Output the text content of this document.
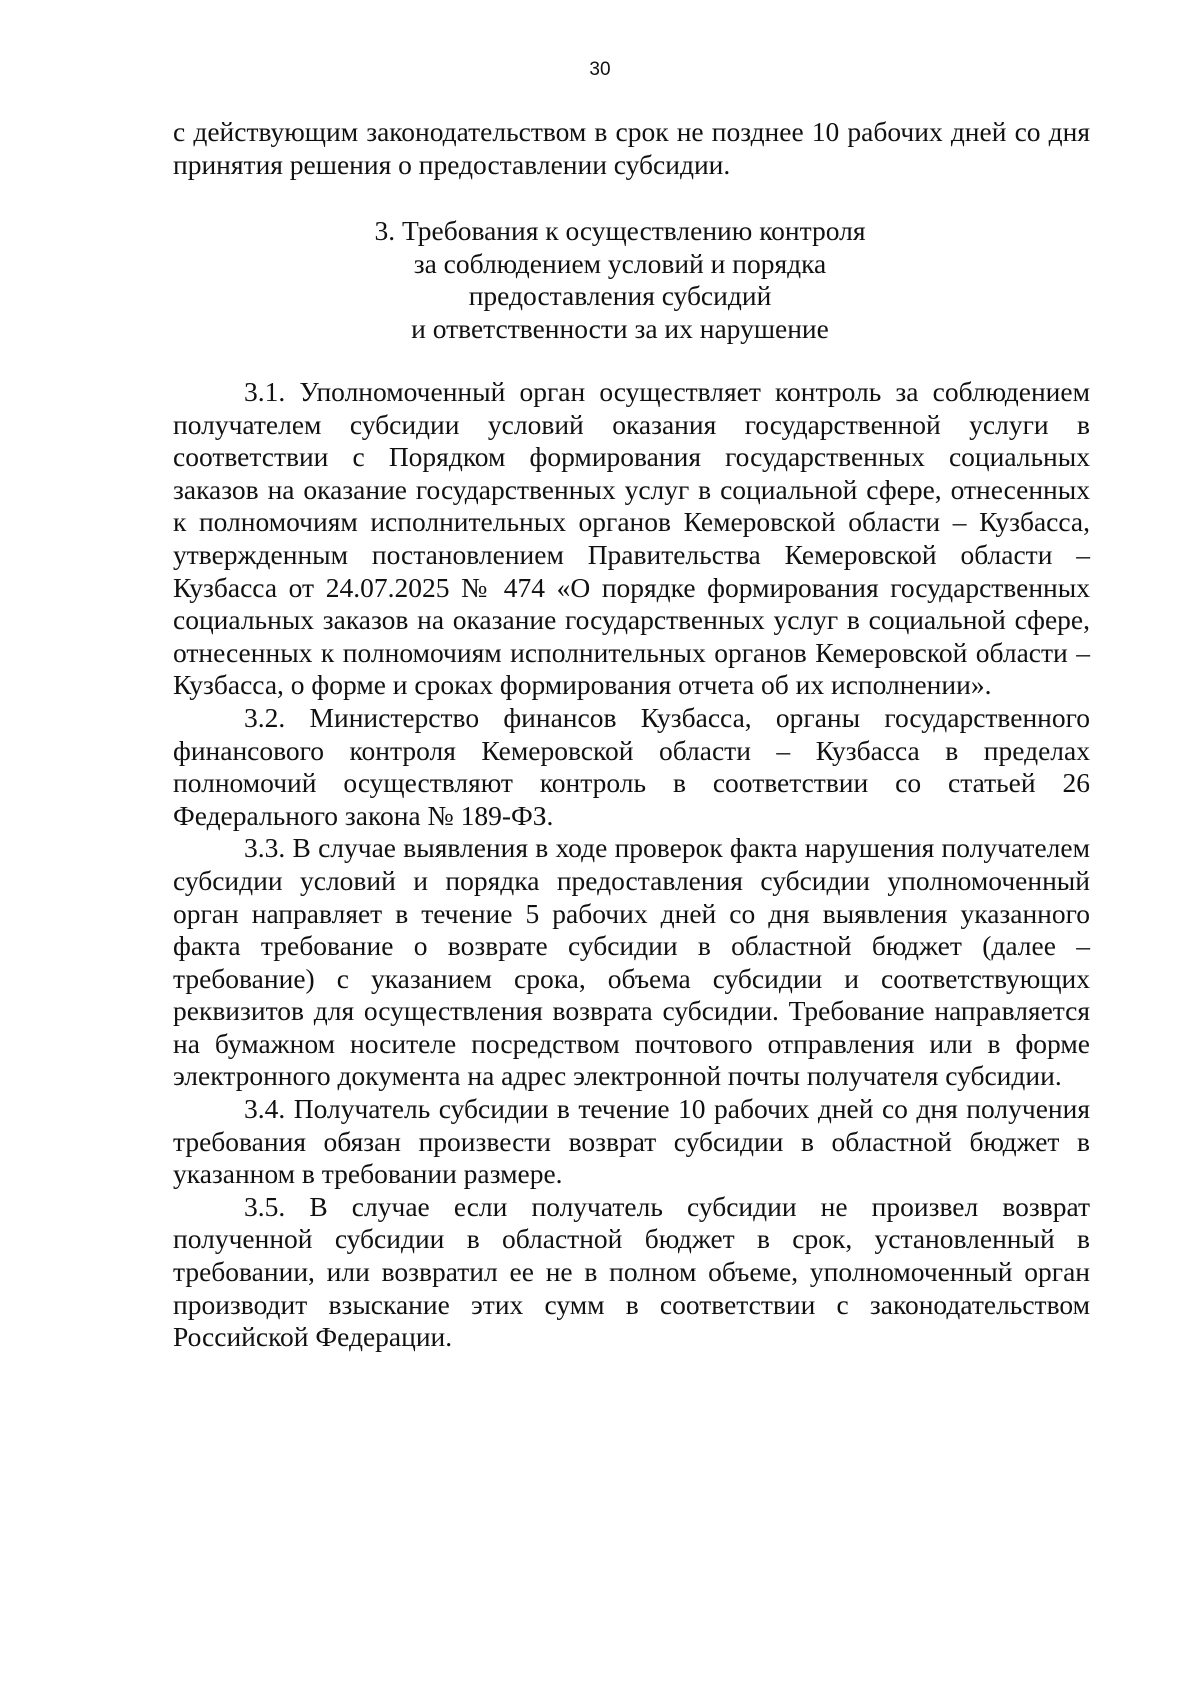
30

с действующим законодательством в срок не позднее 10 рабочих дней со дня принятия решения о предоставлении субсидии.

3. Требования к осуществлению контроля
за соблюдением условий и порядка
предоставления субсидий
и ответственности за их нарушение

3.1. Уполномоченный орган осуществляет контроль за соблюдением получателем субсидии условий оказания государственной услуги в соответствии с Порядком формирования государственных социальных заказов на оказание государственных услуг в социальной сфере, отнесенных к полномочиям исполнительных органов Кемеровской области – Кузбасса, утвержденным постановлением Правительства Кемеровской области – Кузбасса от 24.07.2025 № 474 «О порядке формирования государственных социальных заказов на оказание государственных услуг в социальной сфере, отнесенных к полномочиям исполнительных органов Кемеровской области – Кузбасса, о форме и сроках формирования отчета об их исполнении».

3.2. Министерство финансов Кузбасса, органы государственного финансового контроля Кемеровской области – Кузбасса в пределах полномочий осуществляют контроль в соответствии со статьей 26 Федерального закона № 189-ФЗ.

3.3. В случае выявления в ходе проверок факта нарушения получателем субсидии условий и порядка предоставления субсидии уполномоченный орган направляет в течение 5 рабочих дней со дня выявления указанного факта требование о возврате субсидии в областной бюджет (далее – требование) с указанием срока, объема субсидии и соответствующих реквизитов для осуществления возврата субсидии. Требование направляется на бумажном носителе посредством почтового отправления или в форме электронного документа на адрес электронной почты получателя субсидии.

3.4. Получатель субсидии в течение 10 рабочих дней со дня получения требования обязан произвести возврат субсидии в областной бюджет в указанном в требовании размере.

3.5. В случае если получатель субсидии не произвел возврат полученной субсидии в областной бюджет в срок, установленный в требовании, или возвратил ее не в полном объеме, уполномоченный орган производит взыскание этих сумм в соответствии с законодательством Российской Федерации.
